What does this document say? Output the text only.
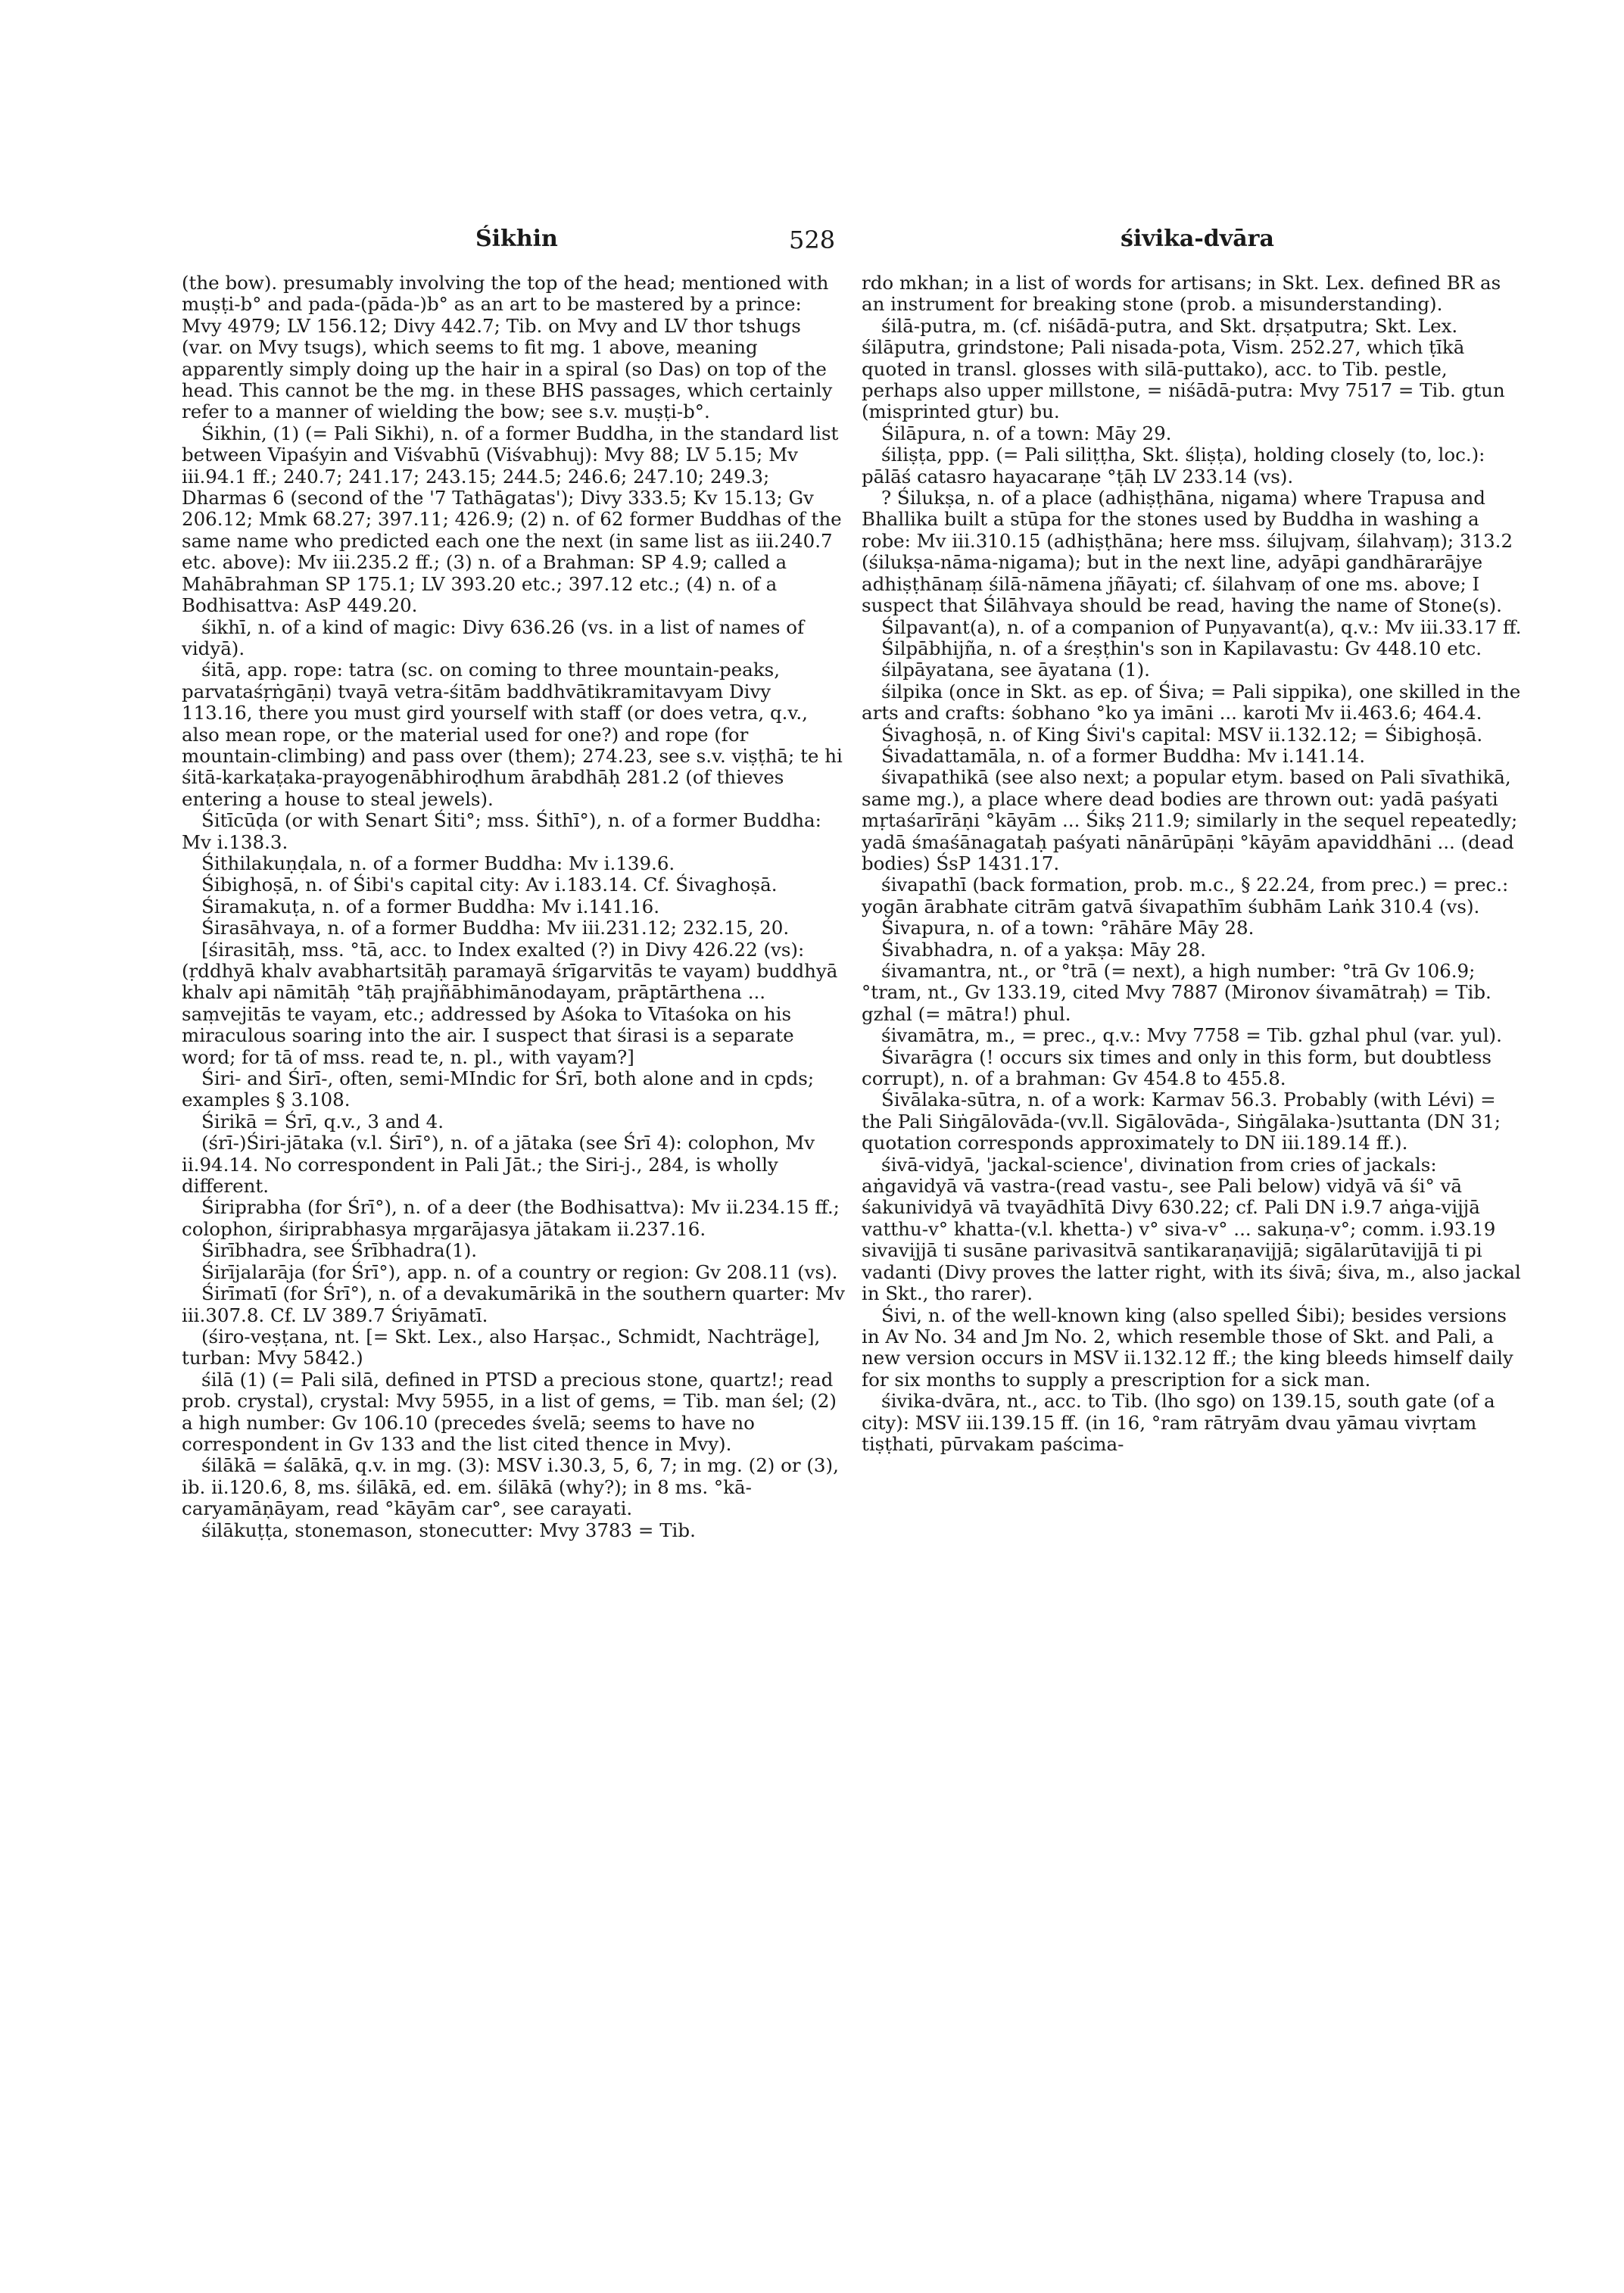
Śikhin	528	śivika-dvāra

(the bow). presumably involving the top of the head; mentioned with muṣṭi-b° and pada-(pāda-)b° as an art to be mastered by a prince: Mvy 4979; LV 156.12; Divy 442.7; Tib. on Mvy and LV thor tshugs (var. on Mvy tsugs), which seems to fit mg. 1 above, meaning apparently simply doing up the hair in a spiral (so Das) on top of the head. This cannot be the mg. in these BHS passages, which certainly refer to a manner of wielding the bow; see s.v. muṣṭi-b°.

Śikhin, (1) (= Pali Sikhi), n. of a former Buddha, in the standard list between Vipaśyin and Viśvabhū (Viśvabhuj): Mvy 88; LV 5.15; Mv iii.94.1 ff.; 240.7; 241.17; 243.15; 244.5; 246.6; 247.10; 249.3; Dharmas 6 (second of the '7 Tathāgatas'); Divy 333.5; Kv 15.13; Gv 206.12; Mmk 68.27; 397.11; 426.9; (2) n. of 62 former Buddhas of the same name who predicted each one the next (in same list as iii.240.7 etc. above): Mv iii.235.2 ff.; (3) n. of a Brahman: SP 4.9; called a Mahābrahman SP 175.1; LV 393.20 etc.; 397.12 etc.; (4) n. of a Bodhisattva: AsP 449.20.

śikhī, n. of a kind of magic: Divy 636.26 (vs. in a list of names of vidyā).

śitā, app. rope: tatra (sc. on coming to three mountain-peaks, parvataśṛṅgāṇi) tvayā vetra-śitām baddhvātikramitavyam Divy 113.16, there you must gird yourself with staff (or does vetra, q.v., also mean rope, or the material used for one?) and rope (for mountain-climbing) and pass over (them); 274.23, see s.v. viṣṭhā; te hi śitā-karkaṭaka-prayogenābhiroḍhum ārabdhāḥ 281.2 (of thieves entering a house to steal jewels).

Śitīcūḍa (or with Senart Śiti°; mss. Śithī°), n. of a former Buddha: Mv i.138.3.

Śithilakuṇḍala, n. of a former Buddha: Mv i.139.6.

Śibighoṣā, n. of Śibi's capital city: Av i.183.14. Cf. Śivaghoṣā.

Śiramakuṭa, n. of a former Buddha: Mv i.141.16.

Śirasāhvaya, n. of a former Buddha: Mv iii.231.12; 232.15, 20.

[śirasitāḥ, mss. °tā, acc. to Index exalted (?) in Divy 426.22 (vs): (ṛddhyā khalv avabhartsitāḥ paramayā śrīgarvitās te vayam) buddhyā khalv api nāmitāḥ °tāḥ prajñābhimānodayam, prāptārthena ... saṃvejitās te vayam, etc.; addressed by Aśoka to Vītaśoka on his miraculous soaring into the air. I suspect that śirasi is a separate word; for tā of mss. read te, n. pl., with vayam?]

Śiri- and Śirī-, often, semi-MIndic for Śrī, both alone and in cpds; examples § 3.108.

Śirikā = Śrī, q.v., 3 and 4.

(śrī-)Śiri-jātaka (v.l. Śirī°), n. of a jātaka (see Śrī 4): colophon, Mv ii.94.14. No correspondent in Pali Jāt.; the Siri-j., 284, is wholly different.

Śiriprabha (for Śrī°), n. of a deer (the Bodhisattva): Mv ii.234.15 ff.; colophon, śiriprabhasya mṛgarājasya jātakam ii.237.16.

Śirībhadra, see Śrībhadra(1).

Śirījalarāja (for Śrī°), app. n. of a country or region: Gv 208.11 (vs).

Śirīmatī (for Śrī°), n. of a devakumārikā in the southern quarter: Mv iii.307.8. Cf. LV 389.7 Śriyāmatī.

(śiro-veṣṭana, nt. [= Skt. Lex., also Harṣac., Schmidt, Nachträge], turban: Mvy 5842.)

śilā (1) (= Pali silā, defined in PTSD a precious stone, quartz!; read prob. crystal), crystal: Mvy 5955, in a list of gems, = Tib. man śel; (2) a high number: Gv 106.10 (precedes śvelā; seems to have no correspondent in Gv 133 and the list cited thence in Mvy).

śilākā = śalākā, q.v. in mg. (3): MSV i.30.3, 5, 6, 7; in mg. (2) or (3), ib. ii.120.6, 8, ms. śilākā, ed. em. śilākā (why?); in 8 ms. °kā-caryamāṇāyam, read °kāyām car°, see carayati.

śilākuṭṭa, stonemason, stonecutter: Mvy 3783 = Tib.

rdo mkhan; in a list of words for artisans; in Skt. Lex. defined BR as an instrument for breaking stone (prob. a misunderstanding).

śilā-putra, m. (cf. niśādā-putra, and Skt. dṛṣatputra; Skt. Lex. śilāputra, grindstone; Pali nisada-pota, Vism. 252.27, which ṭīkā quoted in transl. glosses with silā-puttako), acc. to Tib. pestle, perhaps also upper millstone, = niśādā-putra: Mvy 7517 = Tib. gtun (misprinted gtur) bu.

Śilāpura, n. of a town: Māy 29.

śiliṣṭa, ppp. (= Pali siliṭṭha, Skt. śliṣṭa), holding closely (to, loc.): pālāś catasro hayacaraṇe °ṭāḥ LV 233.14 (vs).

? Śilukṣa, n. of a place (adhiṣṭhāna, nigama) where Trapusa and Bhallika built a stūpa for the stones used by Buddha in washing a robe: Mv iii.310.15 (adhiṣṭhāna; here mss. śilujvaṃ, śilahvaṃ); 313.2 (śilukṣa-nāma-nigama); but in the next line, adyāpi gandhārarājye adhiṣṭhānaṃ śilā-nāmena jñāyati; cf. śilahvaṃ of one ms. above; I suspect that Śilāhvaya should be read, having the name of Stone(s).

Śilpavant(a), n. of a companion of Puṇyavant(a), q.v.: Mv iii.33.17 ff.

Śilpābhijña, n. of a śreṣṭhin's son in Kapilavastu: Gv 448.10 etc.

śilpāyatana, see āyatana (1).

śilpika (once in Skt. as ep. of Śiva; = Pali sippika), one skilled in the arts and crafts: śobhano °ko ya imāni ... karoti Mv ii.463.6; 464.4.

Śivaghoṣā, n. of King Śivi's capital: MSV ii.132.12; = Śibighoṣā.

Śivadattamāla, n. of a former Buddha: Mv i.141.14.

śivapathikā (see also next; a popular etym. based on Pali sīvathikā, same mg.), a place where dead bodies are thrown out: yadā paśyati mṛtaśarīrāṇi °kāyām ... Śikṣ 211.9; similarly in the sequel repeatedly; yadā śmaśānagataḥ paśyati nānārūpāṇi °kāyām apaviddhāni ... (dead bodies) ŚsP 1431.17.

śivapathī (back formation, prob. m.c., § 22.24, from prec.) = prec.: yogān ārabhate citrām gatvā śivapathīm śubhām Laṅk 310.4 (vs).

Śivapura, n. of a town: °rāhāre Māy 28.

Śivabhadra, n. of a yakṣa: Māy 28.

śivamantra, nt., or °trā (= next), a high number: °trā Gv 106.9; °tram, nt., Gv 133.19, cited Mvy 7887 (Mironov śivamātraḥ) = Tib. gzhal (= mātra!) phul.

śivamātra, m., = prec., q.v.: Mvy 7758 = Tib. gzhal phul (var. yul).

Śivarāgra (! occurs six times and only in this form, but doubtless corrupt), n. of a brahman: Gv 454.8 to 455.8.

Śivālaka-sūtra, n. of a work: Karmav 56.3. Probably (with Lévi) = the Pali Siṅgālovāda-(vv.ll. Sigālovāda-, Siṅgālaka-)suttanta (DN 31; quotation corresponds approximately to DN iii.189.14 ff.).

śivā-vidyā, 'jackal-science', divination from cries of jackals: aṅgavidyā vā vastra-(read vastu-, see Pali below) vidyā vā śi° vā śakunividyā vā tvayādhītā Divy 630.22; cf. Pali DN i.9.7 aṅga-vijjā vatthu-v° khatta-(v.l. khetta-) v° siva-v° ... sakuṇa-v°; comm. i.93.19 sivavijjā ti susāne parivasitvā santikaraṇavijjā; sigālarūtavijjā ti pi vadanti (Divy proves the latter right, with its śivā; śiva, m., also jackal in Skt., tho rarer).

Śivi, n. of the well-known king (also spelled Śibi); besides versions in Av No. 34 and Jm No. 2, which resemble those of Skt. and Pali, a new version occurs in MSV ii.132.12 ff.; the king bleeds himself daily for six months to supply a prescription for a sick man.

śivika-dvāra, nt., acc. to Tib. (lho sgo) on 139.15, south gate (of a city): MSV iii.139.15 ff. (in 16, °ram rātryām dvau yāmau vivṛtam tiṣṭhati, pūrvakam paścima-
